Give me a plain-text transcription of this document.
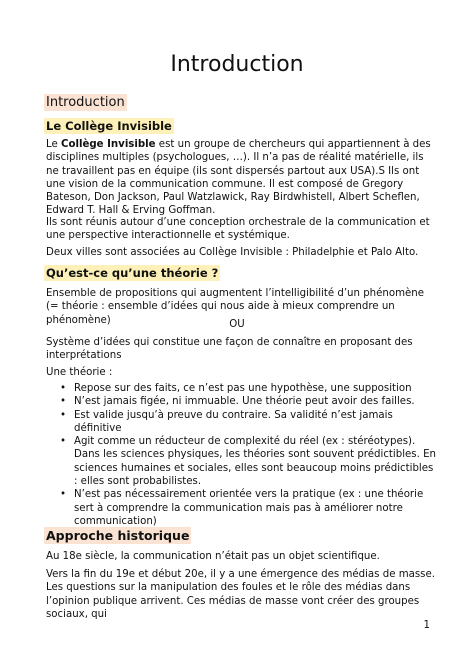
Introduction
Introduction
Le Collège Invisible

Le Collège Invisible est un groupe de chercheurs qui appartiennent à des disciplines multiples (psychologues, …). Il n’a pas de réalité matérielle, ils ne travaillent pas en équipe (ils sont dispersés partout aux USA).S Ils ont une vision de la communication commune. Il est composé de Gregory Bateson, Don Jackson, Paul Watzlawick, Ray Birdwhistell, Albert Scheflen, Edward T. Hall & Erving Goffman.

Ils sont réunis autour d’une conception orchestrale de la communication et une perspective interactionnelle et systémique.

Deux villes sont associées au Collège Invisible : Philadelphie et Palo Alto.

Qu’est-ce qu’une théorie ?

Ensemble de propositions qui augmentent l’intelligibilité d’un phénomène (= théorie : ensemble d’idées qui nous aide à mieux comprendre un phénomène)	OU

Système d’idées qui constitue une façon de connaître en proposant des interprétations

Une théorie :

• Repose sur des faits, ce n’est pas une hypothèse, une supposition
• N’est jamais figée, ni immuable. Une théorie peut avoir des failles.
• Est valide jusqu’à preuve du contraire. Sa validité n’est jamais définitive
• Agit comme un réducteur de complexité du réel (ex : stéréotypes). Dans les sciences physiques, les théories sont souvent prédictibles. En sciences humaines et sociales, elles sont beaucoup moins prédictibles : elles sont probabilistes.
• N’est pas nécessairement orientée vers la pratique (ex : une théorie sert à comprendre la communication mais pas à améliorer notre communication)
Approche historique

Au 18e siècle, la communication n’était pas un objet scientifique.

Vers la fin du 19e et début 20e, il y a une émergence des médias de masse. Les questions sur la manipulation des foules et le rôle des médias dans l’opinion publique arrivent. Ces médias de masse vont créer des groupes sociaux, qui

1
